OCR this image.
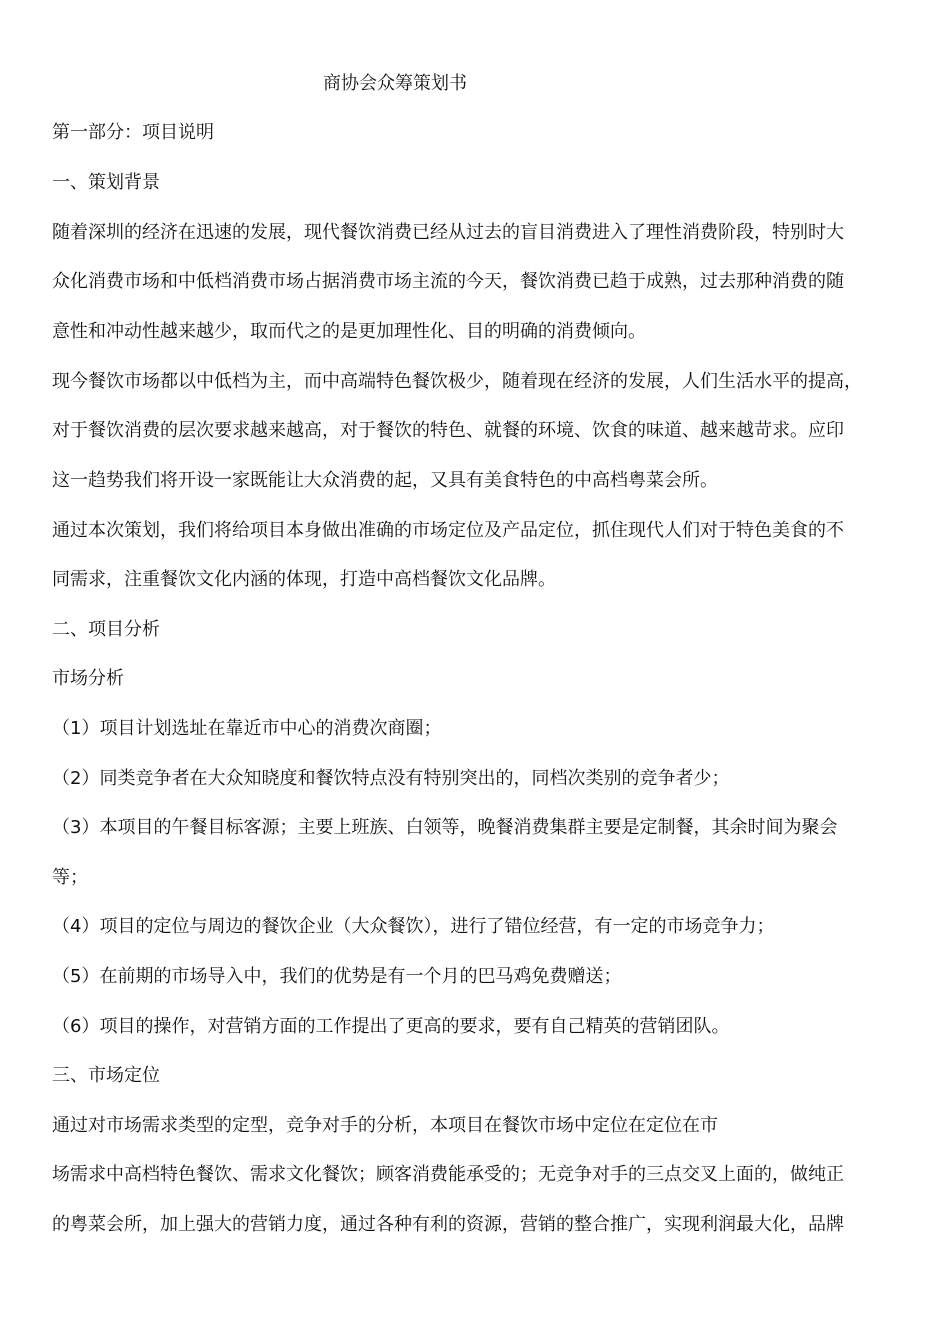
商协会众筹策划书
第一部分：项目说明
一、策划背景
随着深圳的经济在迅速的发展，现代餐饮消费已经从过去的盲目消费进入了理性消费阶段，特别时大
众化消费市场和中低档消费市场占据消费市场主流的今天，餐饮消费已趋于成熟，过去那种消费的随
意性和冲动性越来越少，取而代之的是更加理性化、目的明确的消费倾向。
现今餐饮市场都以中低档为主，而中高端特色餐饮极少，随着现在经济的发展，人们生活水平的提高，
对于餐饮消费的层次要求越来越高，对于餐饮的特色、就餐的环境、饮食的味道、越来越苛求。应印
这一趋势我们将开设一家既能让大众消费的起，又具有美食特色的中高档粤菜会所。
通过本次策划，我们将给项目本身做出准确的市场定位及产品定位，抓住现代人们对于特色美食的不
同需求，注重餐饮文化内涵的体现，打造中高档餐饮文化品牌。
二、项目分析
市场分析
（1）项目计划选址在靠近市中心的消费次商圈；
（2）同类竞争者在大众知晓度和餐饮特点没有特别突出的，同档次类别的竞争者少；
（3）本项目的午餐目标客源；主要上班族、白领等，晚餐消费集群主要是定制餐，其余时间为聚会
等；
（4）项目的定位与周边的餐饮企业（大众餐饮），进行了错位经营，有一定的市场竞争力；
（5）在前期的市场导入中，我们的优势是有一个月的巴马鸡免费赠送；
（6）项目的操作，对营销方面的工作提出了更高的要求，要有自己精英的营销团队。
三、市场定位
通过对市场需求类型的定型，竞争对手的分析，本项目在餐饮市场中定位在定位在市
场需求中高档特色餐饮、需求文化餐饮；顾客消费能承受的；无竞争对手的三点交叉上面的，做纯正
的粤菜会所，加上强大的营销力度，通过各种有利的资源，营销的整合推广，实现利润最大化，品牌
